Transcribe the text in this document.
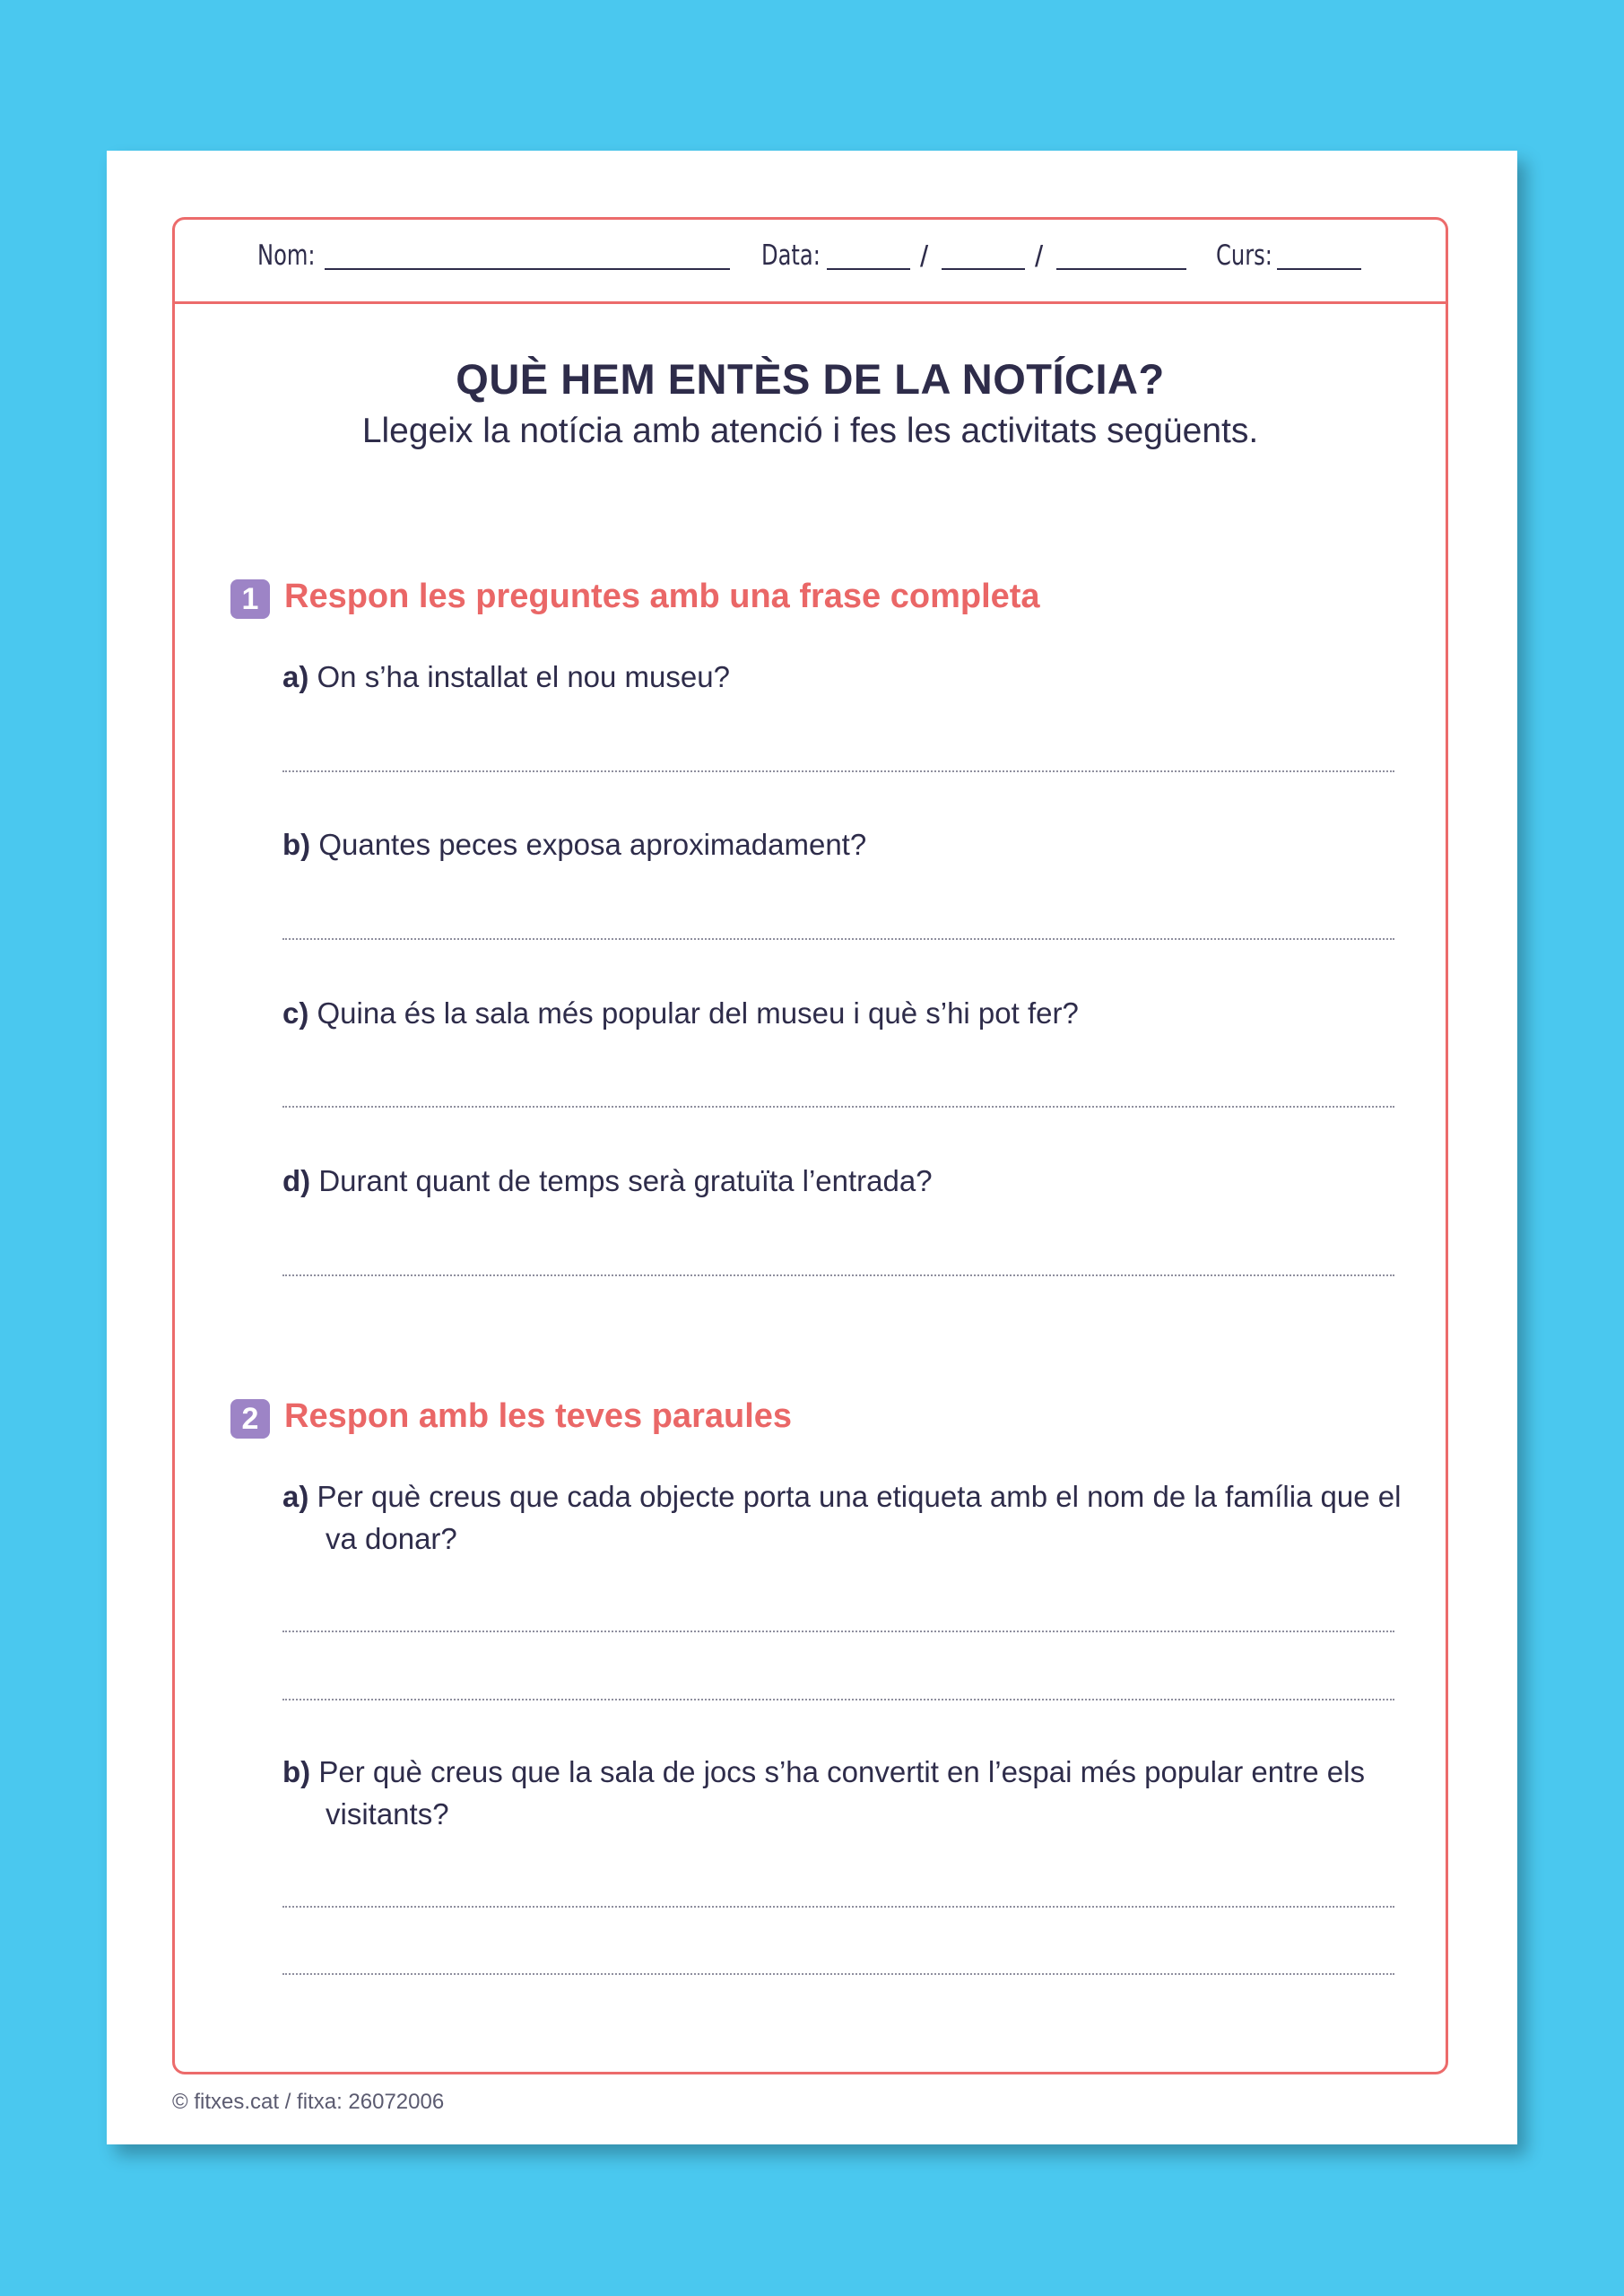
Nom:	Data:	/	/	Curs:
QUÈ HEM ENTÈS DE LA NOTÍCIA?
Llegeix la notícia amb atenció i fes les activitats següents.
1 Respon les preguntes amb una frase completa
a) On s’ha installat el nou museu?
b) Quantes peces exposa aproximadament?
c) Quina és la sala més popular del museu i què s’hi pot fer?
d) Durant quant de temps serà gratuïta l’entrada?
2 Respon amb les teves paraules
a) Per què creus que cada objecte porta una etiqueta amb el nom de la família que el va donar?
b) Per què creus que la sala de jocs s’ha convertit en l’espai més popular entre els visitants?
© fitxes.cat / fitxa: 26072006
